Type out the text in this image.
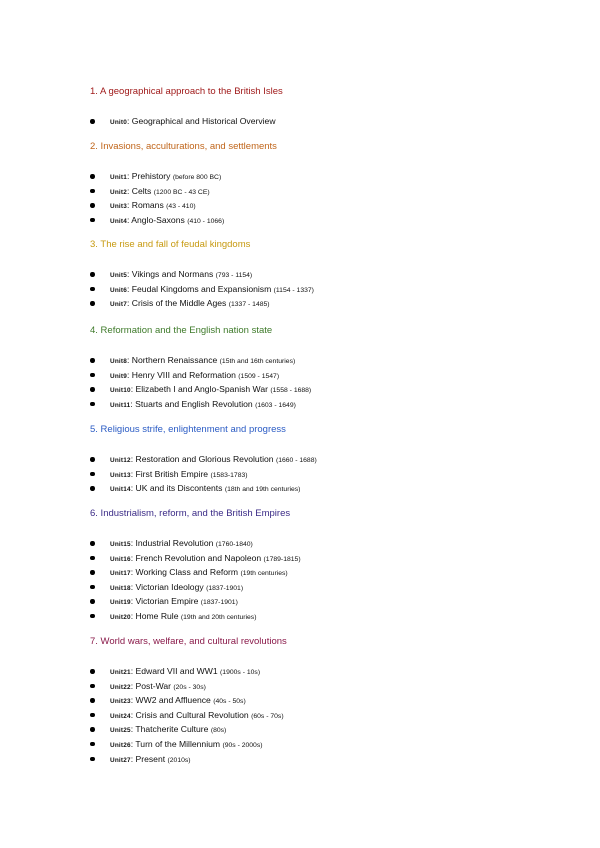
1. A geographical approach to the British Isles
Unit0: Geographical and Historical Overview
2. Invasions, acculturations, and settlements
Unit1: Prehistory (before 800 BC)
Unit2: Celts (1200 BC - 43 CE)
Unit3: Romans (43 - 410)
Unit4: Anglo-Saxons (410 - 1066)
3. The rise and fall of feudal kingdoms
Unit5: Vikings and Normans (793 - 1154)
Unit6: Feudal Kingdoms and Expansionism (1154 - 1337)
Unit7: Crisis of the Middle Ages (1337 - 1485)
4. Reformation and the English nation state
Unit8: Northern Renaissance (15th and 16th centuries)
Unit9: Henry VIII and Reformation (1509 - 1547)
Unit10: Elizabeth I and Anglo-Spanish War (1558 - 1688)
Unit11: Stuarts and English Revolution (1603 - 1649)
5. Religious strife, enlightenment and progress
Unit12: Restoration and Glorious Revolution (1660 - 1688)
Unit13: First British Empire (1583-1783)
Unit14: UK and its Discontents (18th and 19th centuries)
6. Industrialism, reform, and the British Empires
Unit15: Industrial Revolution (1760-1840)
Unit16: French Revolution and Napoleon (1789-1815)
Unit17: Working Class and Reform (19th centuries)
Unit18: Victorian Ideology (1837-1901)
Unit19: Victorian Empire (1837-1901)
Unit20: Home Rule (19th and 20th centuries)
7. World wars, welfare, and cultural revolutions
Unit21: Edward VII and WW1 (1900s - 10s)
Unit22: Post-War (20s - 30s)
Unit23: WW2 and Affluence (40s - 50s)
Unit24: Crisis and Cultural Revolution (60s - 70s)
Unit25: Thatcherite Culture (80s)
Unit26: Turn of the Millennium (90s - 2000s)
Unit27: Present (2010s)
